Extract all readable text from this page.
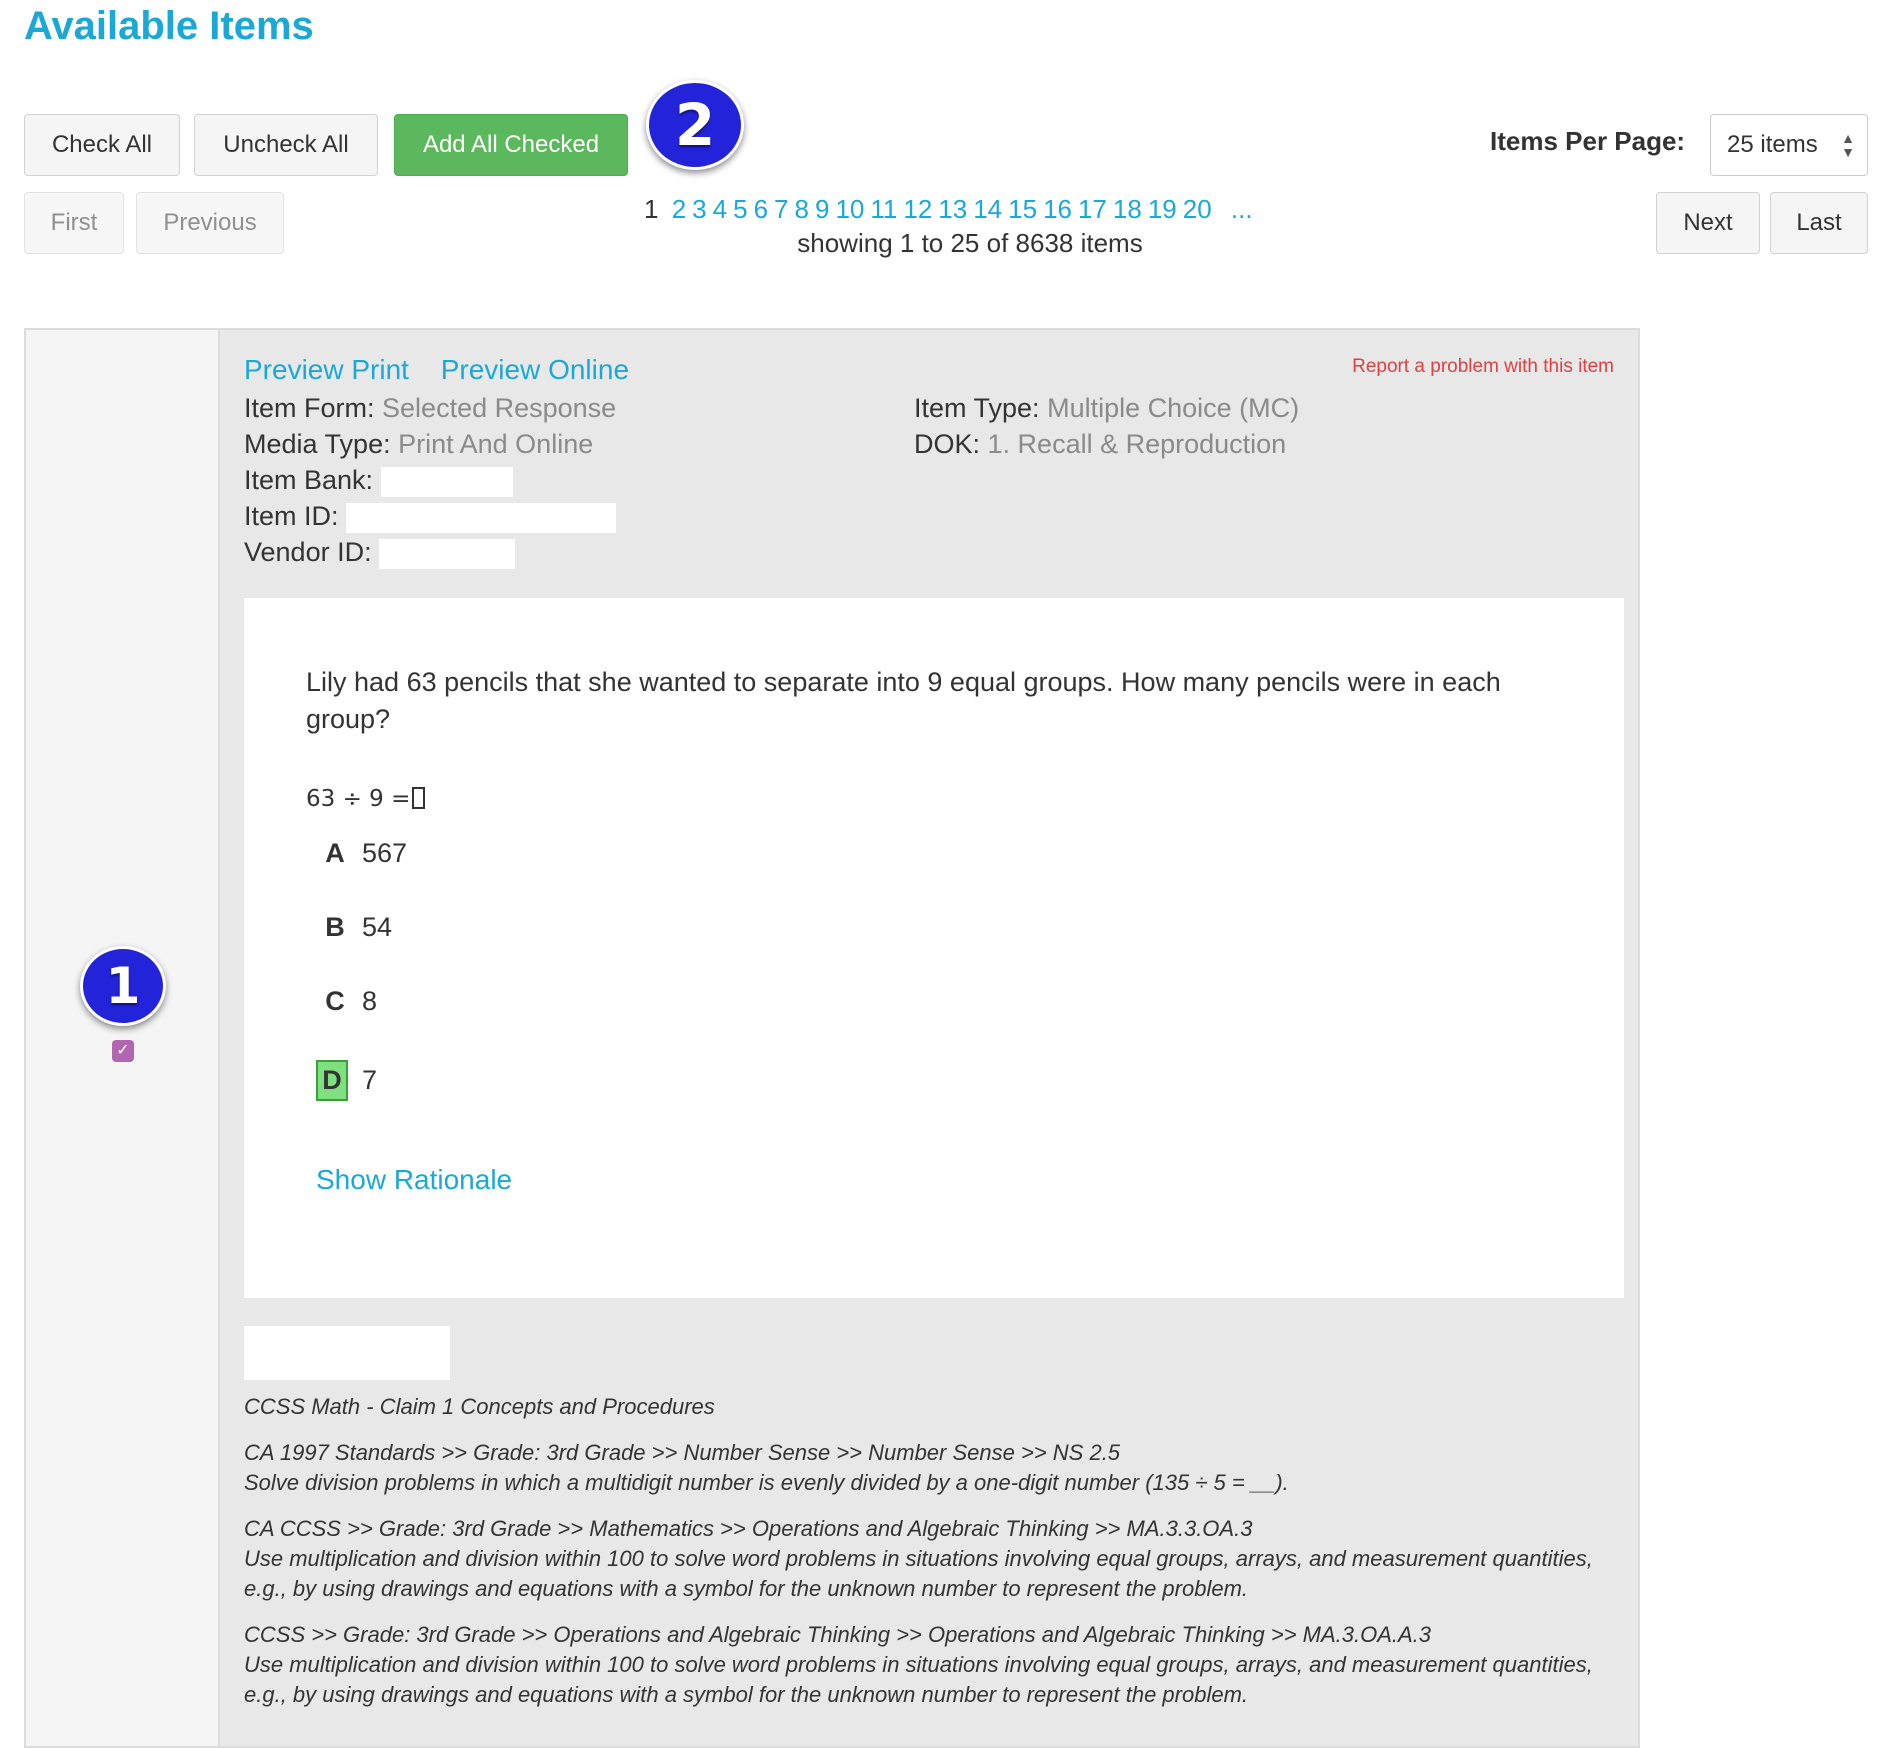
Available Items
Check All	Uncheck All	Add All Checked	2	Items Per Page: 25 items ▲
▼
First	Previous	1 2 3 4 5 6 7 8 9 10 11 12 13 14 15 16 17 18 19 20 ...
showing 1 to 25 of 8638 items
Next	Last
1
✓
Preview Print Preview Online	Report a problem with this item
Item Form: Selected Response
Media Type: Print And Online
Item Bank:
Item ID:
Vendor ID:
Item Type: Multiple Choice (MC)
DOK: 1. Recall & Reproduction
Lily had 63 pencils that she wanted to separate into 9 equal groups. How many pencils were in each group?
63 ÷ 9 =
A 567
B 54
C 8
D 7
Show Rationale

CCSS Math - Claim 1 Concepts and Procedures

CA 1997 Standards >> Grade: 3rd Grade >> Number Sense >> Number Sense >> NS 2.5
Solve division problems in which a multidigit number is evenly divided by a one-digit number (135 ÷ 5 = __).

CA CCSS >> Grade: 3rd Grade >> Mathematics >> Operations and Algebraic Thinking >> MA.3.3.OA.3
Use multiplication and division within 100 to solve word problems in situations involving equal groups, arrays, and measurement quantities, e.g., by using drawings and equations with a symbol for the unknown number to represent the problem.

CCSS >> Grade: 3rd Grade >> Operations and Algebraic Thinking >> Operations and Algebraic Thinking >> MA.3.OA.A.3
Use multiplication and division within 100 to solve word problems in situations involving equal groups, arrays, and measurement quantities, e.g., by using drawings and equations with a symbol for the unknown number to represent the problem.
